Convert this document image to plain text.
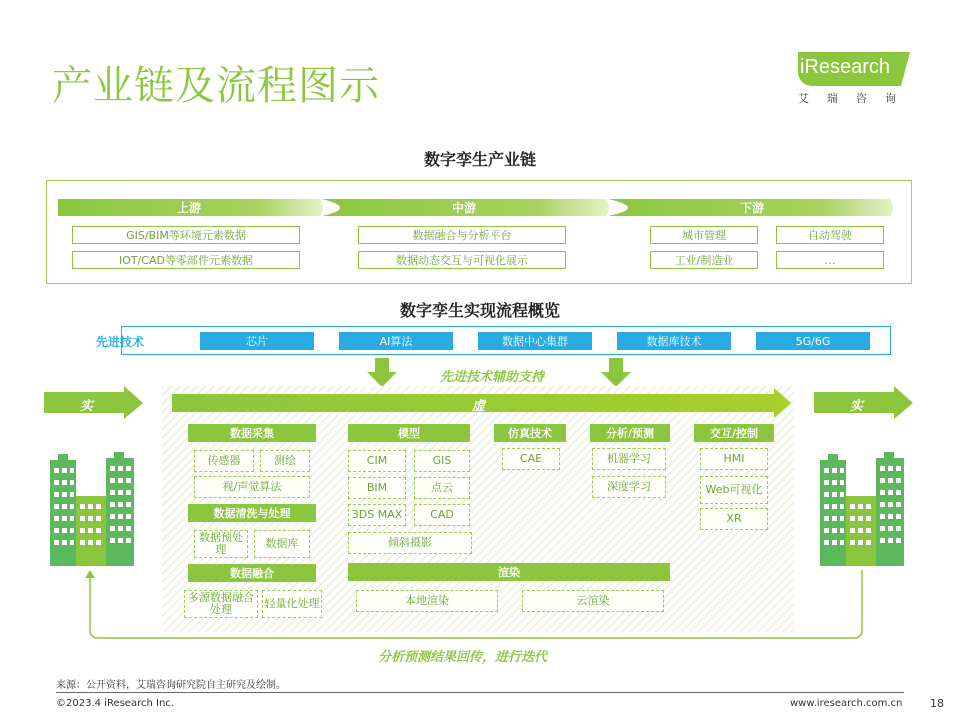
产业链及流程图示	iResearch
艾瑞咨询
数字孪生产业链
上游	中游	下游
GIS/BIM等环境元素数据
IOT/CAD等零部件元素数据
数据融合与分析平台
数据动态交互与可视化展示
城市管理	自动驾驶
工业/制造业	…
数字孪生实现流程概览
先进技术	芯片	AI算法	数据中心集群	数据库技术	5G/6G
先进技术辅助支持
虚
实	实
分析预测结果回传，进行迭代
数据采集
传感器	测绘
视/声觉算法
数据清洗与处理
数据预处理	数据库
数据融合
多源数据融合处理	轻量化处理
模型
CIM	GIS
BIM	点云
3DS MAX	CAD
倾斜摄影
仿真技术
CAE
分析/预测
机器学习
深度学习
交互/控制
HMI
Web可视化
XR
渲染
本地渲染	云渲染
来源：公开资料，艾瑞咨询研究院自主研究及绘制。
©2023.4 iResearch Inc.	www.iresearch.com.cn	18
